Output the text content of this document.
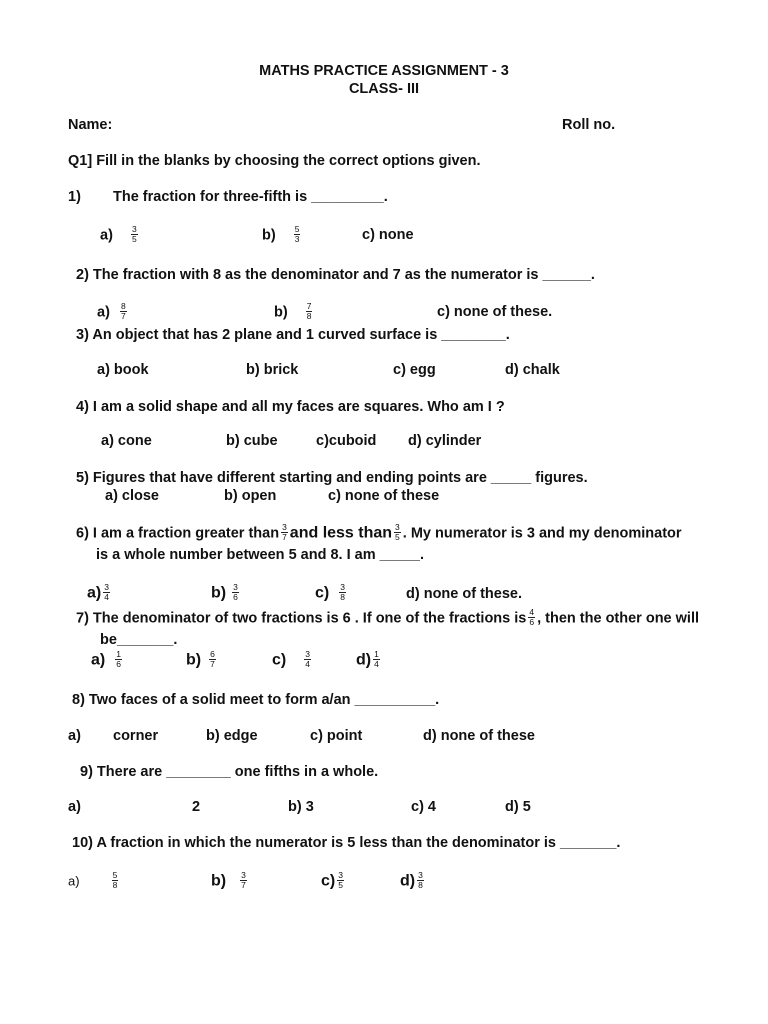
MATHS PRACTICE ASSIGNMENT - 3
CLASS- III
Name:	Roll no.
Q1] Fill in the blanks by choosing the correct options given.
1) The fraction for three-fifth is _________.
$a) \frac{3}{5}$	$b) \frac{5}{3}$	c) none
2) The fraction with 8 as the denominator and 7 as the numerator is ______.
$a) \frac{8}{7}$	$b) \frac{7}{8}$	c) none of these.
3) An object that has 2 plane and 1 curved surface is ________.
a) book	b) brick	c) egg	d) chalk
4) I am a solid shape and all my faces are squares. Who am I ?
a) cone	b) cube	c)cuboid d) cylinder
5) Figures that have different starting and ending points are _____ figures.
a) close	b) open	c) none of these
6) I am a fraction greater than $\frac{3}{7}$ and less than $\frac{3}{5}$ . My numerator is 3 and my denominator
is a whole number between 5 and 8. I am _____.
$a) \frac{3}{4}$	$b) \frac{3}{6}$	$c) \frac{3}{8}$	d) none of these.
7) The denominator of two fractions is 6 . If one of the fractions is $\frac{4}{6}$ , then the other one will
be_______.
$a) \frac{1}{6}$	$b) \frac{6}{7}$	$c) \frac{3}{4}$	$d) \frac{1}{4}$
8) Two faces of a solid meet to form a/an __________.
a) corner	b) edge	c) point	d) none of these
9) There are ________ one fifths in a whole.
a)	2	b) 3	c) 4	d) 5
10) A fraction in which the numerator is 5 less than the denominator is _______.
a)	$\frac{5}{8}$	$b) \frac{3}{7}$	$c) \frac{3}{5}$	$d) \frac{3}{8}$
